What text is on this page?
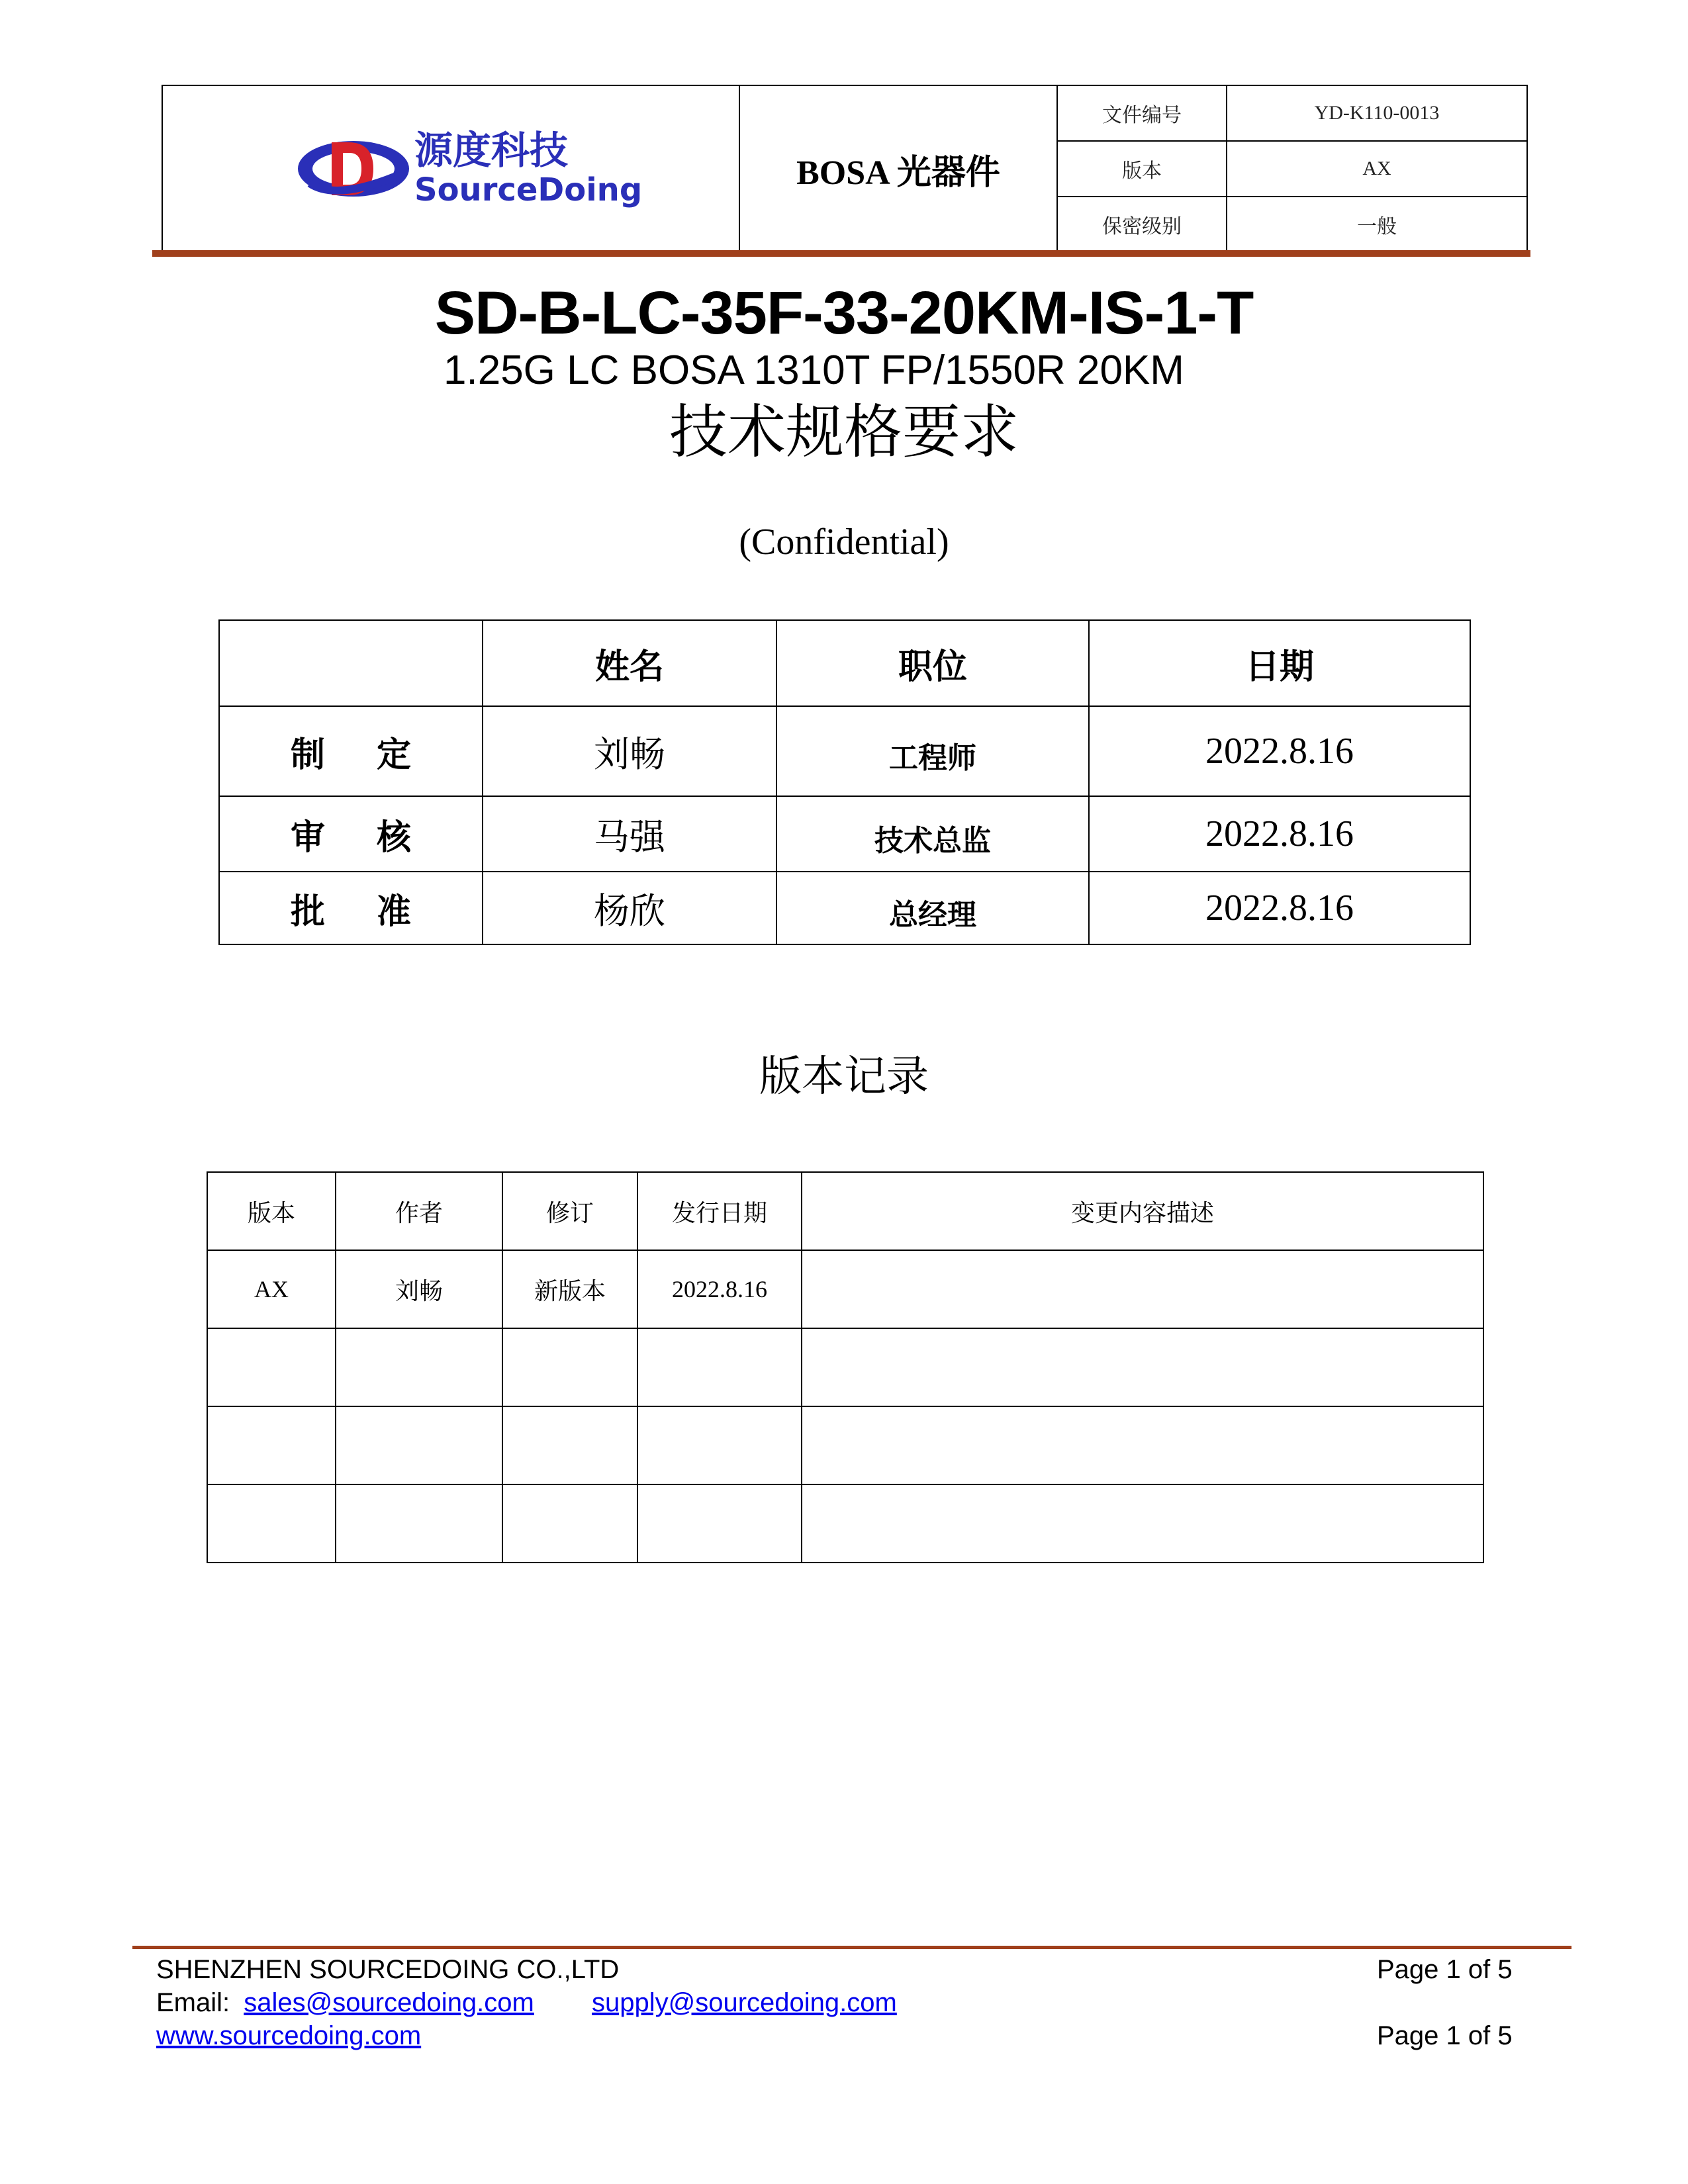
源度科技
SourceDoing	BOSA 光器件	文件编号	YD-K110-0013
		版本	AX
		保密级别	一般
SD-B-LC-35F-33-20KM-IS-1-T
1.25G LC BOSA 1310T FP/1550R 20KM
技术规格要求
(Confidential)
	姓名	职位	日期
制 定	刘畅	工程师	2022.8.16
审 核	马强	技术总监	2022.8.16
批 准	杨欣	总经理	2022.8.16
版本记录
版本	作者	修订	发行日期	变更内容描述
AX	刘畅	新版本	2022.8.16	

SHENZHEN SOURCEDOING CO.,LTD	Page 1 of 5
Email: sales@sourcedoing.com supply@sourcedoing.com
www.sourcedoing.com	Page 1 of 5
